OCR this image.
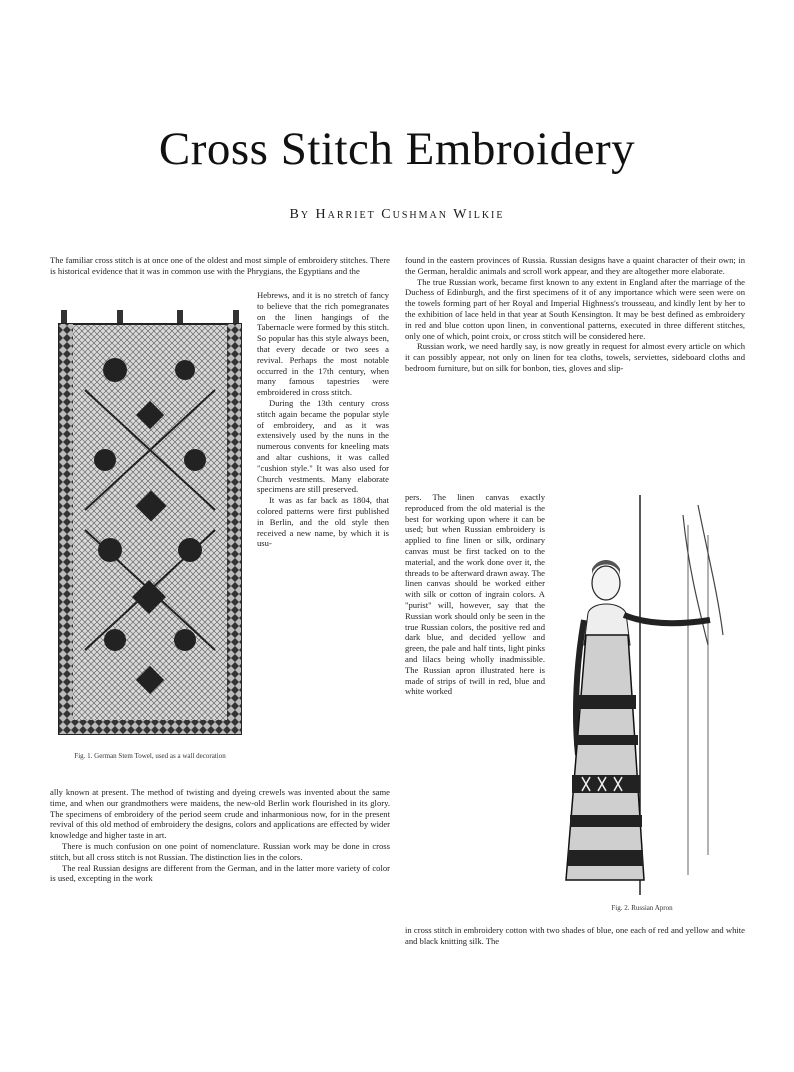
Cross Stitch Embroidery
By Harriet Cushman Wilkie

The familiar cross stitch is at once one of the oldest and most simple of embroidery stitches. There is historical evidence that it was in common use with the Phrygians, the Egyptians and the

Fig. 1. German Stem Towel, used as a wall decoration

Hebrews, and it is no stretch of fancy to believe that the rich pomegranates on the linen hangings of the Tabernacle were formed by this stitch. So popular has this style always been, that every decade or two sees a revival. Perhaps the most notable occurred in the 17th century, when many famous tapestries were embroidered in cross stitch.

During the 13th century cross stitch again became the popular style of embroidery, and as it was extensively used by the nuns in the numerous convents for kneeling mats and altar cushions, it was called "cushion style." It was also used for Church vestments. Many elaborate specimens are still preserved.

It was as far back as 1804, that colored patterns were first published in Berlin, and the old style then received a new name, by which it is usu-

ally known at present. The method of twisting and dyeing crewels was invented about the same time, and when our grandmothers were maidens, the new-old Berlin work flourished in its glory. The specimens of embroidery of the period seem crude and inharmonious now, for in the present revival of this old method of embroidery the designs, colors and applications are effected by wider knowledge and higher taste in art.

There is much confusion on one point of nomenclature. Russian work may be done in cross stitch, but all cross stitch is not Russian. The distinction lies in the colors.

The real Russian designs are different from the German, and in the latter more variety of color is used, excepting in the work

found in the eastern provinces of Russia. Russian designs have a quaint character of their own; in the German, heraldic animals and scroll work appear, and they are altogether more elaborate.

The true Russian work, became first known to any extent in England after the marriage of the Duchess of Edinburgh, and the first specimens of it of any importance which were seen were on the towels forming part of her Royal and Imperial Highness's trousseau, and kindly lent by her to the exhibition of lace held in that year at South Kensington. It may be best defined as embroidery in red and blue cotton upon linen, in conventional patterns, executed in three different stitches, only one of which, point croix, or cross stitch will be considered here.

Russian work, we need hardly say, is now greatly in request for almost every article on which it can possibly appear, not only on linen for tea cloths, towels, serviettes, sideboard cloths and bedroom furniture, but on silk for bonbon, ties, gloves and slip-

pers. The linen canvas exactly reproduced from the old material is the best for working upon where it can be used; but when Russian embroidery is applied to fine linen or silk, ordinary canvas must be first tacked on to the material, and the work done over it, the threads to be afterward drawn away. The linen canvas should be worked either with silk or cotton of ingrain colors. A "purist" will, however, say that the Russian work should only be seen in the true Russian colors, the positive red and dark blue, and decided yellow and green, the pale and half tints, light pinks and lilacs being wholly inadmissible. The Russian apron illustrated here is made of strips of twill in red, blue and white worked

Fig. 2. Russian Apron

in cross stitch in embroidery cotton with two shades of blue, one each of red and yellow and white and black knitting silk. The
